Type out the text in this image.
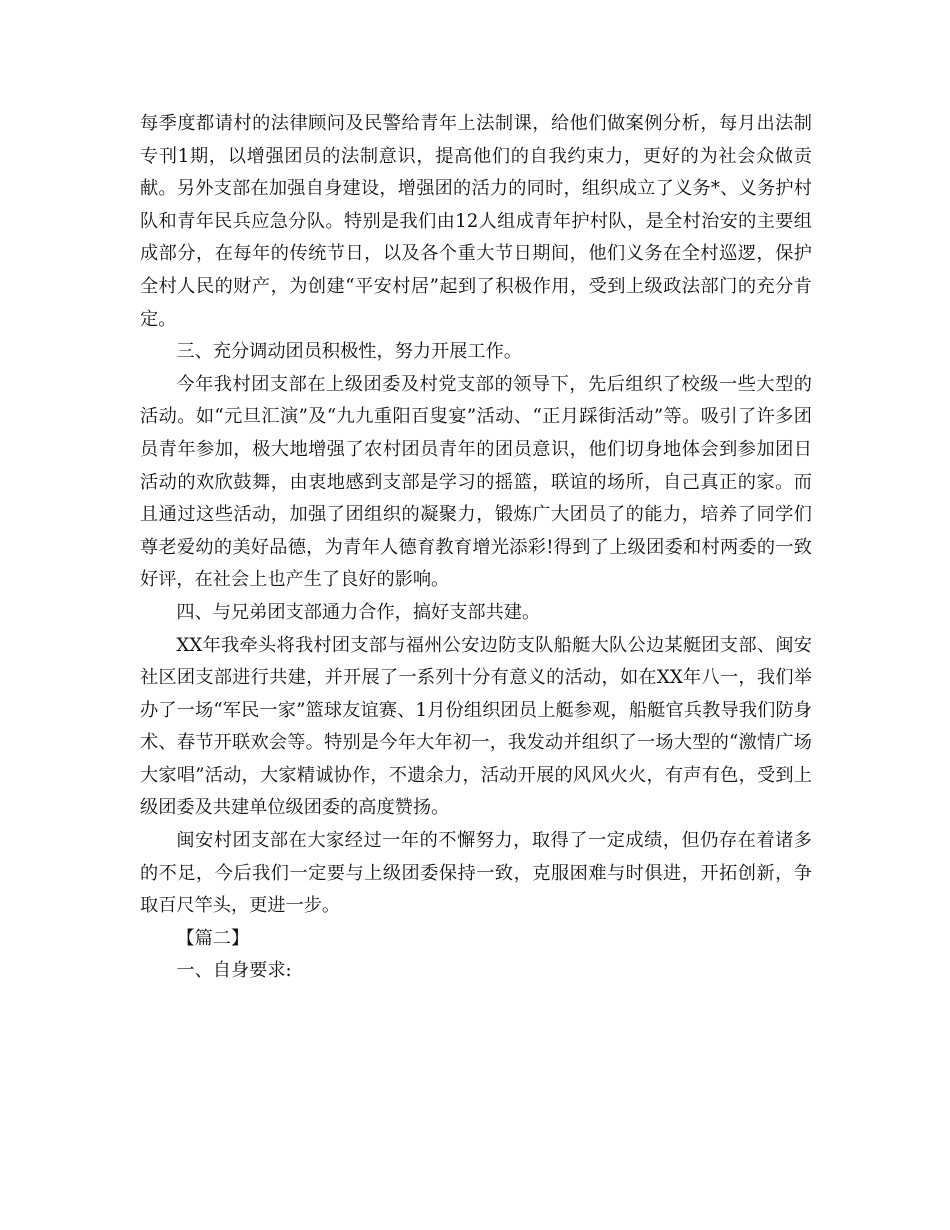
每季度都请村的法律顾问及民警给青年上法制课，给他们做案例分析，每月出法制专刊1期，以增强团员的法制意识，提高他们的自我约束力，更好的为社会众做贡献。另外支部在加强自身建设，增强团的活力的同时，组织成立了义务*、义务护村队和青年民兵应急分队。特别是我们由12人组成青年护村队，是全村治安的主要组成部分，在每年的传统节日，以及各个重大节日期间，他们义务在全村巡逻，保护全村人民的财产，为创建“平安村居”起到了积极作用，受到上级政法部门的充分肯定。

三、充分调动团员积极性，努力开展工作。

今年我村团支部在上级团委及村党支部的领导下，先后组织了校级一些大型的活动。如“元旦汇演”及“九九重阳百叟宴”活动、“正月踩街活动”等。吸引了许多团员青年参加，极大地增强了农村团员青年的团员意识，他们切身地体会到参加团日活动的欢欣鼓舞，由衷地感到支部是学习的摇篮，联谊的场所，自己真正的家。而且通过这些活动，加强了团组织的凝聚力，锻炼广大团员了的能力，培养了同学们尊老爱幼的美好品德，为青年人德育教育增光添彩!得到了上级团委和村两委的一致好评，在社会上也产生了良好的影响。

四、与兄弟团支部通力合作，搞好支部共建。

XX年我牵头将我村团支部与福州公安边防支队船艇大队公边某艇团支部、闽安社区团支部进行共建，并开展了一系列十分有意义的活动，如在XX年八一，我们举办了一场“军民一家”篮球友谊赛、1月份组织团员上艇参观，船艇官兵教导我们防身术、春节开联欢会等。特别是今年大年初一，我发动并组织了一场大型的“激情广场大家唱”活动，大家精诚协作，不遗余力，活动开展的风风火火，有声有色，受到上级团委及共建单位级团委的高度赞扬。

闽安村团支部在大家经过一年的不懈努力，取得了一定成绩，但仍存在着诸多的不足，今后我们一定要与上级团委保持一致，克服困难与时俱进，开拓创新，争取百尺竿头，更进一步。

【篇二】

一、自身要求:
